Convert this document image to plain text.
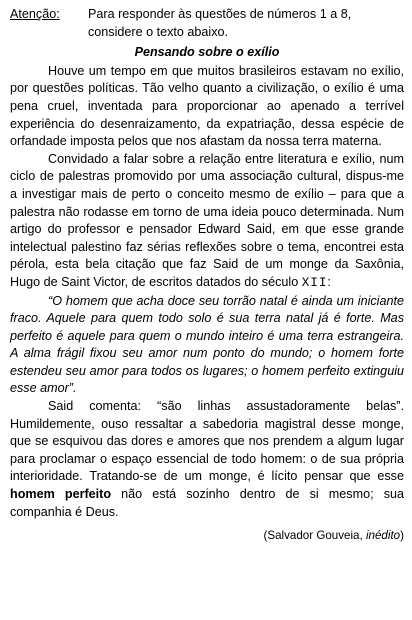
Atenção:	Para responder às questões de números 1 a 8, considere o texto abaixo.
Pensando sobre o exílio

Houve um tempo em que muitos brasileiros estavam no exílio, por questões políticas. Tão velho quanto a civilização, o exílio é uma pena cruel, inventada para proporcionar ao apenado a terrível experiência do desenraizamento, da expatriação, dessa espécie de orfandade imposta pelos que nos afastam da nossa terra materna.

Convidado a falar sobre a relação entre literatura e exílio, num ciclo de palestras promovido por uma associação cultural, dispus-me a investigar mais de perto o conceito mesmo de exílio – para que a palestra não rodasse em torno de uma ideia pouco determinada. Num artigo do professor e pensador Edward Said, em que esse grande intelectual palestino faz sérias reflexões sobre o tema, encontrei esta pérola, esta bela citação que faz Said de um monge da Saxônia, Hugo de Saint Victor, de escritos datados do século XII:

“O homem que acha doce seu torrão natal é ainda um iniciante fraco. Aquele para quem todo solo é sua terra natal já é forte. Mas perfeito é aquele para quem o mundo inteiro é uma terra estrangeira. A alma frágil fixou seu amor num ponto do mundo; o homem forte estendeu seu amor para todos os lugares; o homem perfeito extinguiu esse amor”.

Said comenta: “são linhas assustadoramente belas”. Humildemente, ouso ressaltar a sabedoria magistral desse monge, que se esquivou das dores e amores que nos prendem a algum lugar para proclamar o espaço essencial de todo homem: o de sua própria interioridade. Tratando-se de um monge, é lícito pensar que esse homem perfeito não está sozinho dentro de si mesmo; sua companhia é Deus.

(Salvador Gouveia, inédito)
